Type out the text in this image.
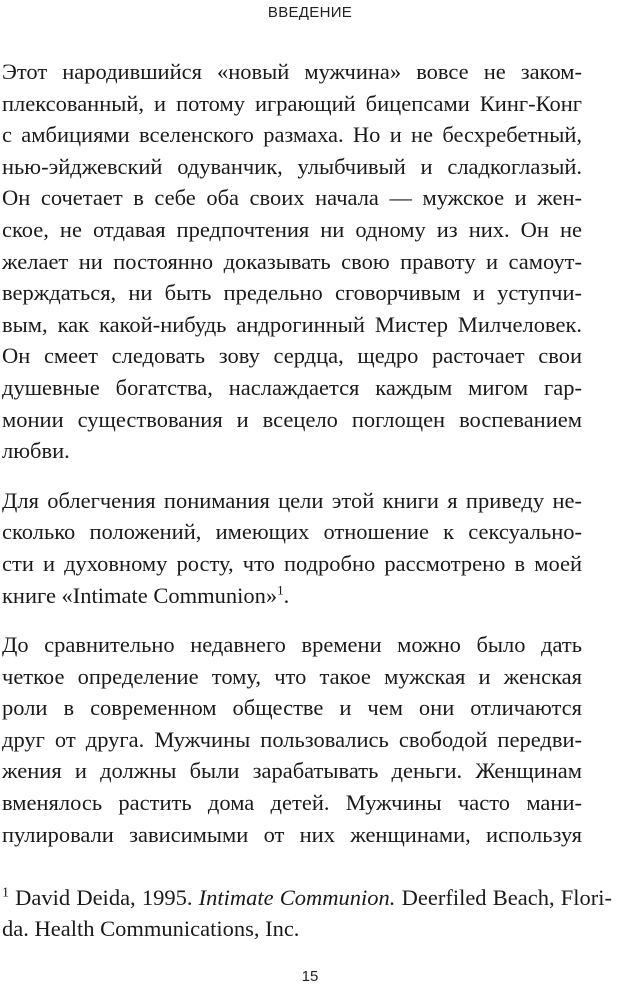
ВВЕДЕНИЕ
Этот народившийся «новый мужчина» вовсе не заком-
плексованный, и потому играющий бицепсами Кинг-Конг
с амбициями вселенского размаха. Но и не бесхребетный,
нью-эйджевский одуванчик, улыбчивый и сладкоглазый.
Он сочетает в себе оба своих начала — мужское и жен-
ское, не отдавая предпочтения ни одному из них. Он не
желает ни постоянно доказывать свою правоту и самоут-
верждаться, ни быть предельно сговорчивым и уступчи-
вым, как какой-нибудь андрогинный Мистер Милчеловек.
Он смеет следовать зову сердца, щедро расточает свои
душевные богатства, наслаждается каждым мигом гар-
монии существования и всецело поглощен воспеванием
любви.
Для облегчения понимания цели этой книги я приведу не-
сколько положений, имеющих отношение к сексуально-
сти и духовному росту, что подробно рассмотрено в моей
книге «Intimate Communion»$^1$.
До сравнительно недавнего времени можно было дать
четкое определение тому, что такое мужская и женская
роли в современном обществе и чем они отличаются
друг от друга. Мужчины пользовались свободой передви-
жения и должны были зарабатывать деньги. Женщинам
вменялось растить дома детей. Мужчины часто мани-
пулировали зависимыми от них женщинами, используя
$^1$ David Deida, 1995. Intimate Communion. Deerfiled Beach, Flori-
da. Health Communications, Inc.
15
